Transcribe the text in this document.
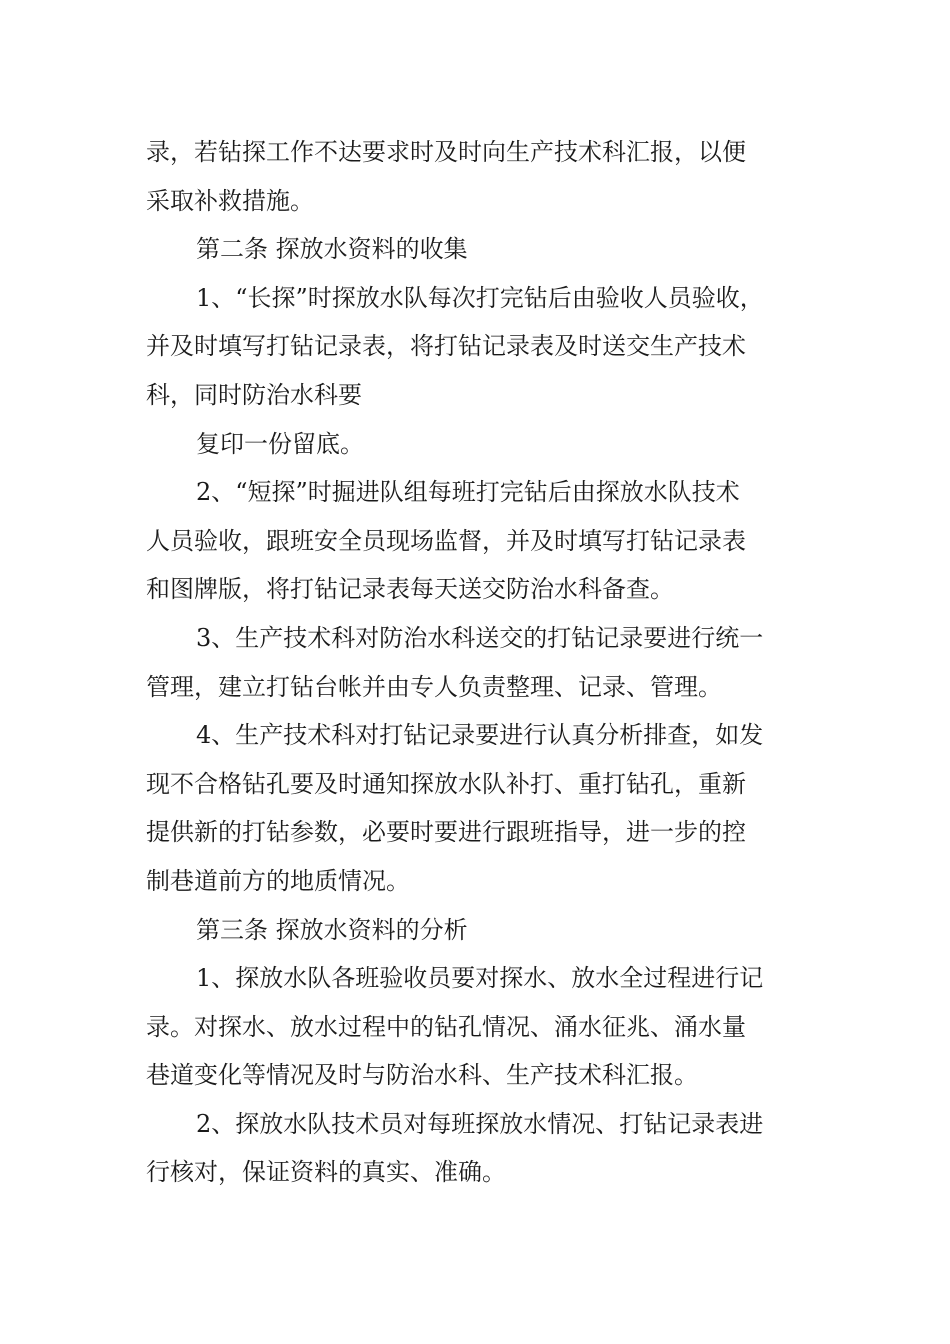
录，若钻探工作不达要求时及时向生产技术科汇报，以便
采取补救措施。
第二条 探放水资料的收集
1、“长探”时探放水队每次打完钻后由验收人员验收，
并及时填写打钻记录表，将打钻记录表及时送交生产技术
科，同时防治水科要
复印一份留底。
2、“短探”时掘进队组每班打完钻后由探放水队技术
人员验收，跟班安全员现场监督，并及时填写打钻记录表
和图牌版，将打钻记录表每天送交防治水科备查。
3、生产技术科对防治水科送交的打钻记录要进行统一
管理，建立打钻台帐并由专人负责整理、记录、管理。
4、生产技术科对打钻记录要进行认真分析排查，如发
现不合格钻孔要及时通知探放水队补打、重打钻孔，重新
提供新的打钻参数，必要时要进行跟班指导，进一步的控
制巷道前方的地质情况。
第三条 探放水资料的分析
1、探放水队各班验收员要对探水、放水全过程进行记
录。对探水、放水过程中的钻孔情况、涌水征兆、涌水量
巷道变化等情况及时与防治水科、生产技术科汇报。
2、探放水队技术员对每班探放水情况、打钻记录表进
行核对，保证资料的真实、准确。
